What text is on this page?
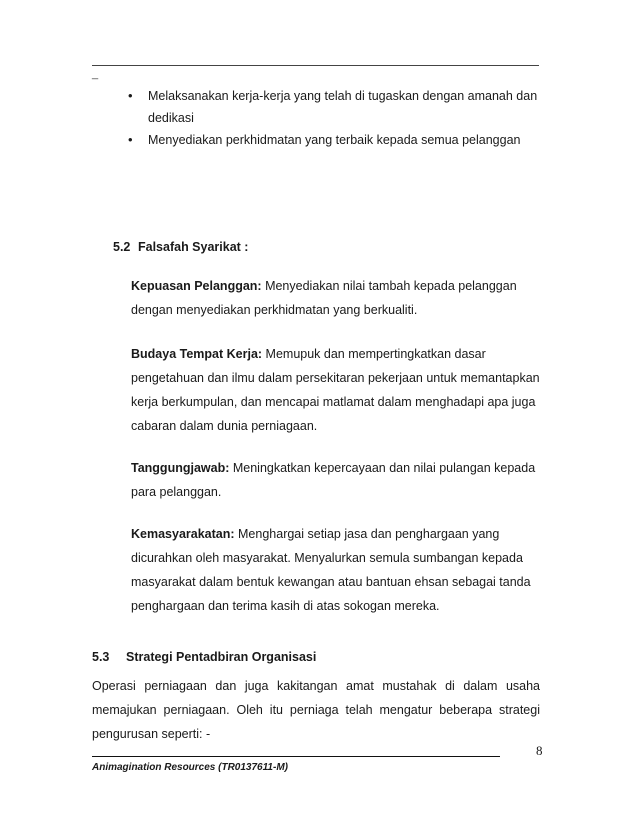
_
• Melaksanakan kerja-kerja yang telah di tugaskan dengan amanah dan dedikasi
• Menyediakan perkhidmatan yang terbaik kepada semua pelanggan
5.2 Falsafah Syarikat :
Kepuasan Pelanggan: Menyediakan nilai tambah kepada pelanggan dengan menyediakan perkhidmatan yang berkualiti.
Budaya Tempat Kerja: Memupuk dan mempertingkatkan dasar pengetahuan dan ilmu dalam persekitaran pekerjaan untuk memantapkan kerja berkumpulan, dan mencapai matlamat dalam menghadapi apa juga cabaran dalam dunia perniagaan.
Tanggungjawab: Meningkatkan kepercayaan dan nilai pulangan kepada para pelanggan.
Kemasyarakatan: Menghargai setiap jasa dan penghargaan yang dicurahkan oleh masyarakat. Menyalurkan semula sumbangan kepada masyarakat dalam bentuk kewangan atau bantuan ehsan sebagai tanda penghargaan dan terima kasih di atas sokogan mereka.
5.3 Strategi Pentadbiran Organisasi
Operasi perniagaan dan juga kakitangan amat mustahak di dalam usaha memajukan perniagaan. Oleh itu perniaga telah mengatur beberapa strategi pengurusan seperti: -
8
Animagination Resources (TR0137611-M)
